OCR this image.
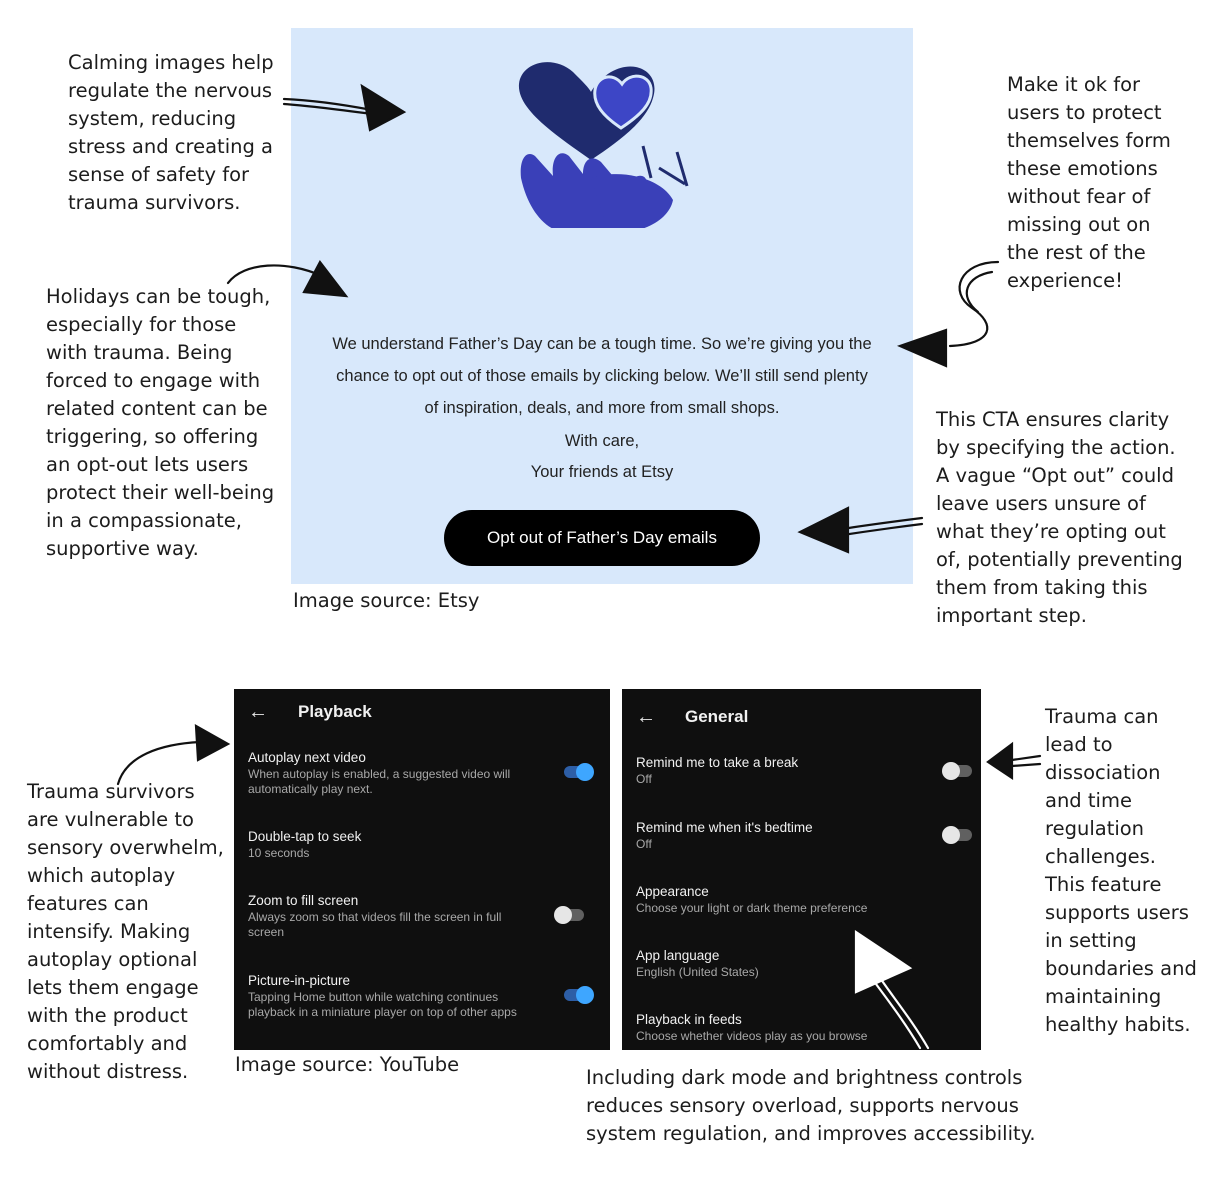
Calming images help
regulate the nervous
system, reducing
stress and creating a
sense of safety for
trauma survivors.
Holidays can be tough,
especially for those
with trauma. Being
forced to engage with
related content can be
triggering, so offering
an opt-out lets users
protect their well-being
in a compassionate,
supportive way.
Make it ok for
users to protect
themselves form
these emotions
without fear of
missing out on
the rest of the
experience!
This CTA ensures clarity
by specifying the action.
A vague “Opt out” could
leave users unsure of
what they’re opting out
of, potentially preventing
them from taking this
important step.
Trauma survivors
are vulnerable to
sensory overwhelm,
which autoplay
features can
intensify. Making
autoplay optional
lets them engage
with the product
comfortably and
without distress.
Trauma can
lead to
dissociation
and time
regulation
challenges.
This feature
supports users
in setting
boundaries and
maintaining
healthy habits.
Including dark mode and brightness controls
reduces sensory overload, supports nervous
system regulation, and improves accessibility.
Image source: Etsy
Image source: YouTube
We understand Father’s Day can be a tough time. So we’re giving you the
chance to opt out of those emails by clicking below. We’ll still send plenty
of inspiration, deals, and more from small shops.
With care,
Your friends at Etsy
Opt out of Father’s Day emails
← Playback
Autoplay next video
When autoplay is enabled, a suggested video will
automatically play next.
Double-tap to seek
10 seconds
Zoom to fill screen
Always zoom so that videos fill the screen in full
screen
Picture-in-picture
Tapping Home button while watching continues
playback in a miniature player on top of other apps
← General
Remind me to take a break
Off
Remind me when it's bedtime
Off
Appearance
Choose your light or dark theme preference
App language
English (United States)
Playback in feeds
Choose whether videos play as you browse
